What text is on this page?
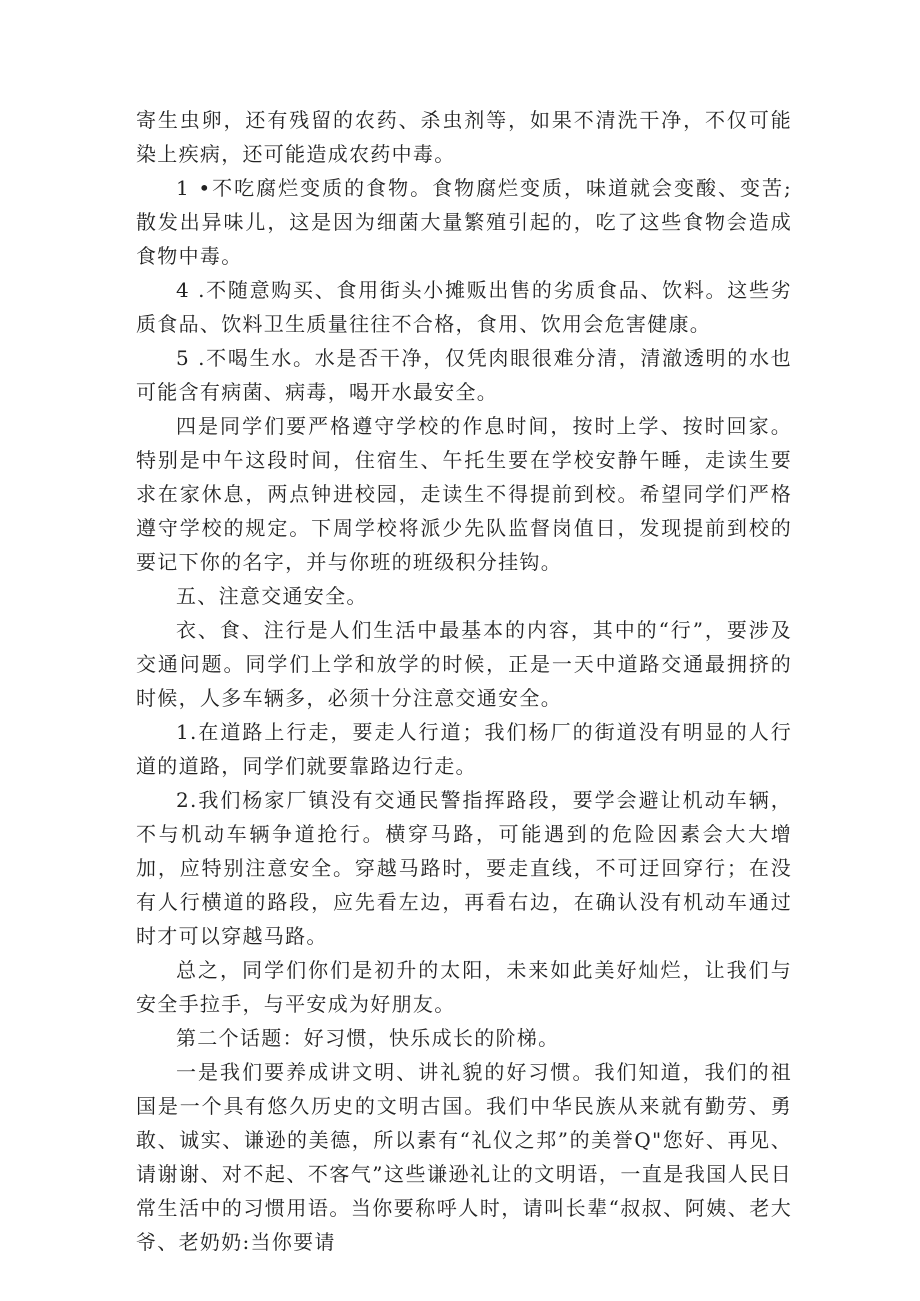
寄生虫卵，还有残留的农药、杀虫剂等，如果不清洗干净，不仅可能染上疾病，还可能造成农药中毒。

1 •不吃腐烂变质的食物。食物腐烂变质，味道就会变酸、变苦;散发出异味儿，这是因为细菌大量繁殖引起的，吃了这些食物会造成食物中毒。

4 .不随意购买、食用街头小摊贩出售的劣质食品、饮料。这些劣质食品、饮料卫生质量往往不合格，食用、饮用会危害健康。

5 .不喝生水。水是否干净，仅凭肉眼很难分清，清澈透明的水也可能含有病菌、病毒，喝开水最安全。

四是同学们要严格遵守学校的作息时间，按时上学、按时回家。特别是中午这段时间，住宿生、午托生要在学校安静午睡，走读生要求在家休息，两点钟进校园，走读生不得提前到校。希望同学们严格遵守学校的规定。下周学校将派少先队监督岗值日，发现提前到校的要记下你的名字，并与你班的班级积分挂钩。

五、注意交通安全。

衣、食、注行是人们生活中最基本的内容，其中的“行”，要涉及交通问题。同学们上学和放学的时候，正是一天中道路交通最拥挤的时候，人多车辆多，必须十分注意交通安全。

1.在道路上行走，要走人行道；我们杨厂的街道没有明显的人行道的道路，同学们就要靠路边行走。

2.我们杨家厂镇没有交通民警指挥路段，要学会避让机动车辆，不与机动车辆争道抢行。横穿马路，可能遇到的危险因素会大大增加，应特别注意安全。穿越马路时，要走直线，不可迂回穿行；在没有人行横道的路段，应先看左边，再看右边，在确认没有机动车通过时才可以穿越马路。

总之，同学们你们是初升的太阳，未来如此美好灿烂，让我们与安全手拉手，与平安成为好朋友。

第二个话题：好习惯，快乐成长的阶梯。

一是我们要养成讲文明、讲礼貌的好习惯。我们知道，我们的祖国是一个具有悠久历史的文明古国。我们中华民族从来就有勤劳、勇敢、诚实、谦逊的美德，所以素有“礼仪之邦”的美誉Q"您好、再见、请谢谢、对不起、不客气”这些谦逊礼让的文明语，一直是我国人民日常生活中的习惯用语。当你要称呼人时，请叫长辈“叔叔、阿姨、老大爷、老奶奶:当你要请
